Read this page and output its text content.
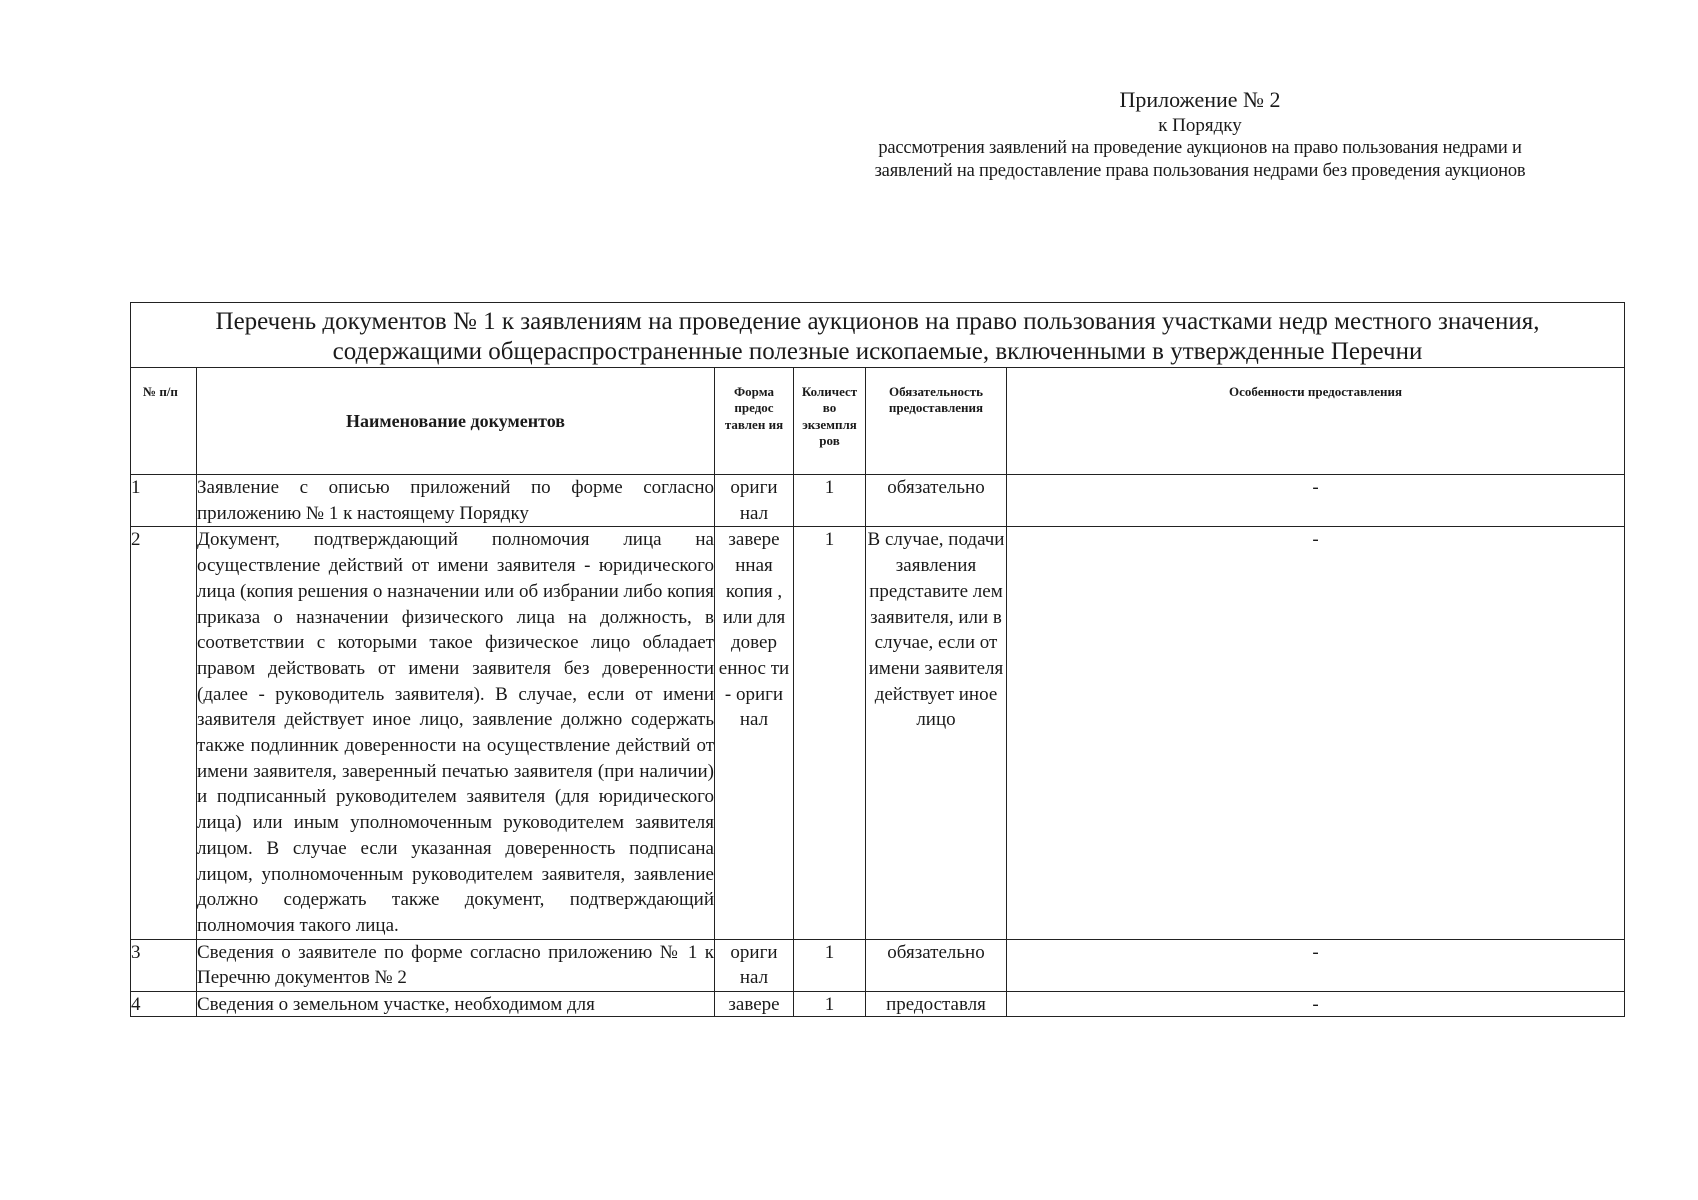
Приложение № 2
к Порядку
рассмотрения заявлений на проведение аукционов на право пользования недрами и
заявлений на предоставление права пользования недрами без проведения аукционов
Перечень документов № 1 к заявлениям на проведение аукционов на право пользования участками недр местного значения, содержащими общераспространенные полезные ископаемые, включенными в утвержденные Перечни					
№ п/п	Наименование документов	Форма предос тавлен ия	Количест во экземпля ров	Обязательность предоставления	Особенности предоставления
1	Заявление с описью приложений по форме согласно приложению № 1 к настоящему Порядку	ориги нал	1	обязательно	-
2	Документ, подтверждающий полномочия лица на осуществление действий от имени заявителя - юридического лица (копия решения о назначении или об избрании либо копия приказа о назначении физического лица на должность, в соответствии с которыми такое физическое лицо обладает правом действовать от имени заявителя без доверенности (далее - руководитель заявителя). В случае, если от имени заявителя действует иное лицо, заявление должно содержать также подлинник доверенности на осуществление действий от имени заявителя, заверенный печатью заявителя (при наличии) и подписанный руководителем заявителя (для юридического лица) или иным уполномоченным руководителем заявителя лицом. В случае если указанная доверенность подписана лицом, уполномоченным руководителем заявителя, заявление должно содержать также документ, подтверждающий полномочия такого лица.	завере нная копия , или для довер еннос ти - ориги нал	1	В случае, подачи заявления представите лем заявителя, или в случае, если от имени заявителя действует иное лицо	-
3	Сведения о заявителе по форме согласно приложению № 1 к Перечню документов № 2	ориги нал	1	обязательно	-

4	Сведения о земельном участке, необходимом для	завере	1	предоставля	-
